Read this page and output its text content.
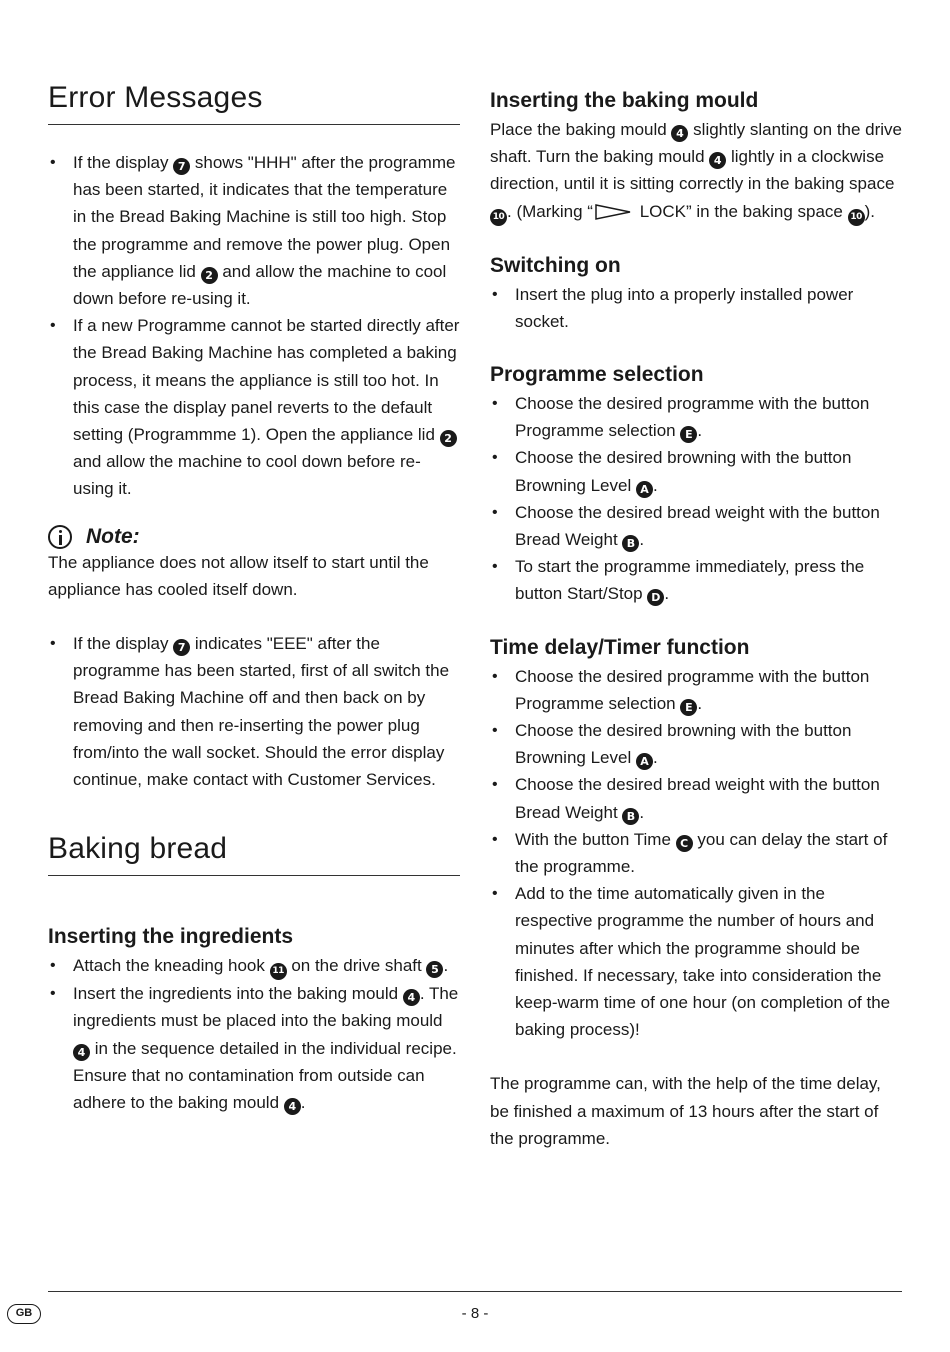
Error Messages
• If the display 7 shows "HHH" after the programme has been started, it indicates that the temperature in the Bread Baking Machine is still too high. Stop the programme and remove the power plug. Open the appliance lid 2 and allow the machine to cool down before re-using it.
• If a new Programme cannot be started directly after the Bread Baking Machine has completed a baking process, it means the appliance is still too hot. In this case the display panel reverts to the default setting (Programmme 1). Open the appliance lid 2 and allow the machine to cool down before re-using it.
Note:

The appliance does not allow itself to start until the appliance has cooled itself down.

• If the display 7 indicates "EEE" after the programme has been started, first of all switch the Bread Baking Machine off and then back on by removing and then re-inserting the power plug from/into the wall socket. Should the error display continue, make contact with Customer Services.
Baking bread
Inserting the ingredients
• Attach the kneading hook 11 on the drive shaft 5 .
• Insert the ingredients into the baking mould 4 . The ingredients must be placed into the baking mould 4 in the sequence detailed in the individual recipe. Ensure that no contamination from outside can adhere to the baking mould 4 .
Inserting the baking mould

Place the baking mould 4 slightly slanting on the drive shaft. Turn the baking mould 4 lightly in a clockwise direction, until it is sitting correctly in the baking space 10 . (Marking “ LOCK” in the baking space 10 ).

Switching on
• Insert the plug into a properly installed power socket.
Programme selection
• Choose the desired programme with the button Programme selection E .
• Choose the desired browning with the button Browning Level A .
• Choose the desired bread weight with the button Bread Weight B .
• To start the programme immediately, press the button Start/Stop D .
Time delay/Timer function
• Choose the desired programme with the button Programme selection E .
• Choose the desired browning with the button Browning Level A .
• Choose the desired bread weight with the button Bread Weight B .
• With the button Time C you can delay the start of the programme.
• Add to the time automatically given in the respective programme the number of hours and minutes after which the programme should be finished. If necessary, take into consideration the keep-warm time of one hour (on completion of the baking process)!

The programme can, with the help of the time delay, be finished a maximum of 13 hours after the start of the programme.

GB	- 8 -
